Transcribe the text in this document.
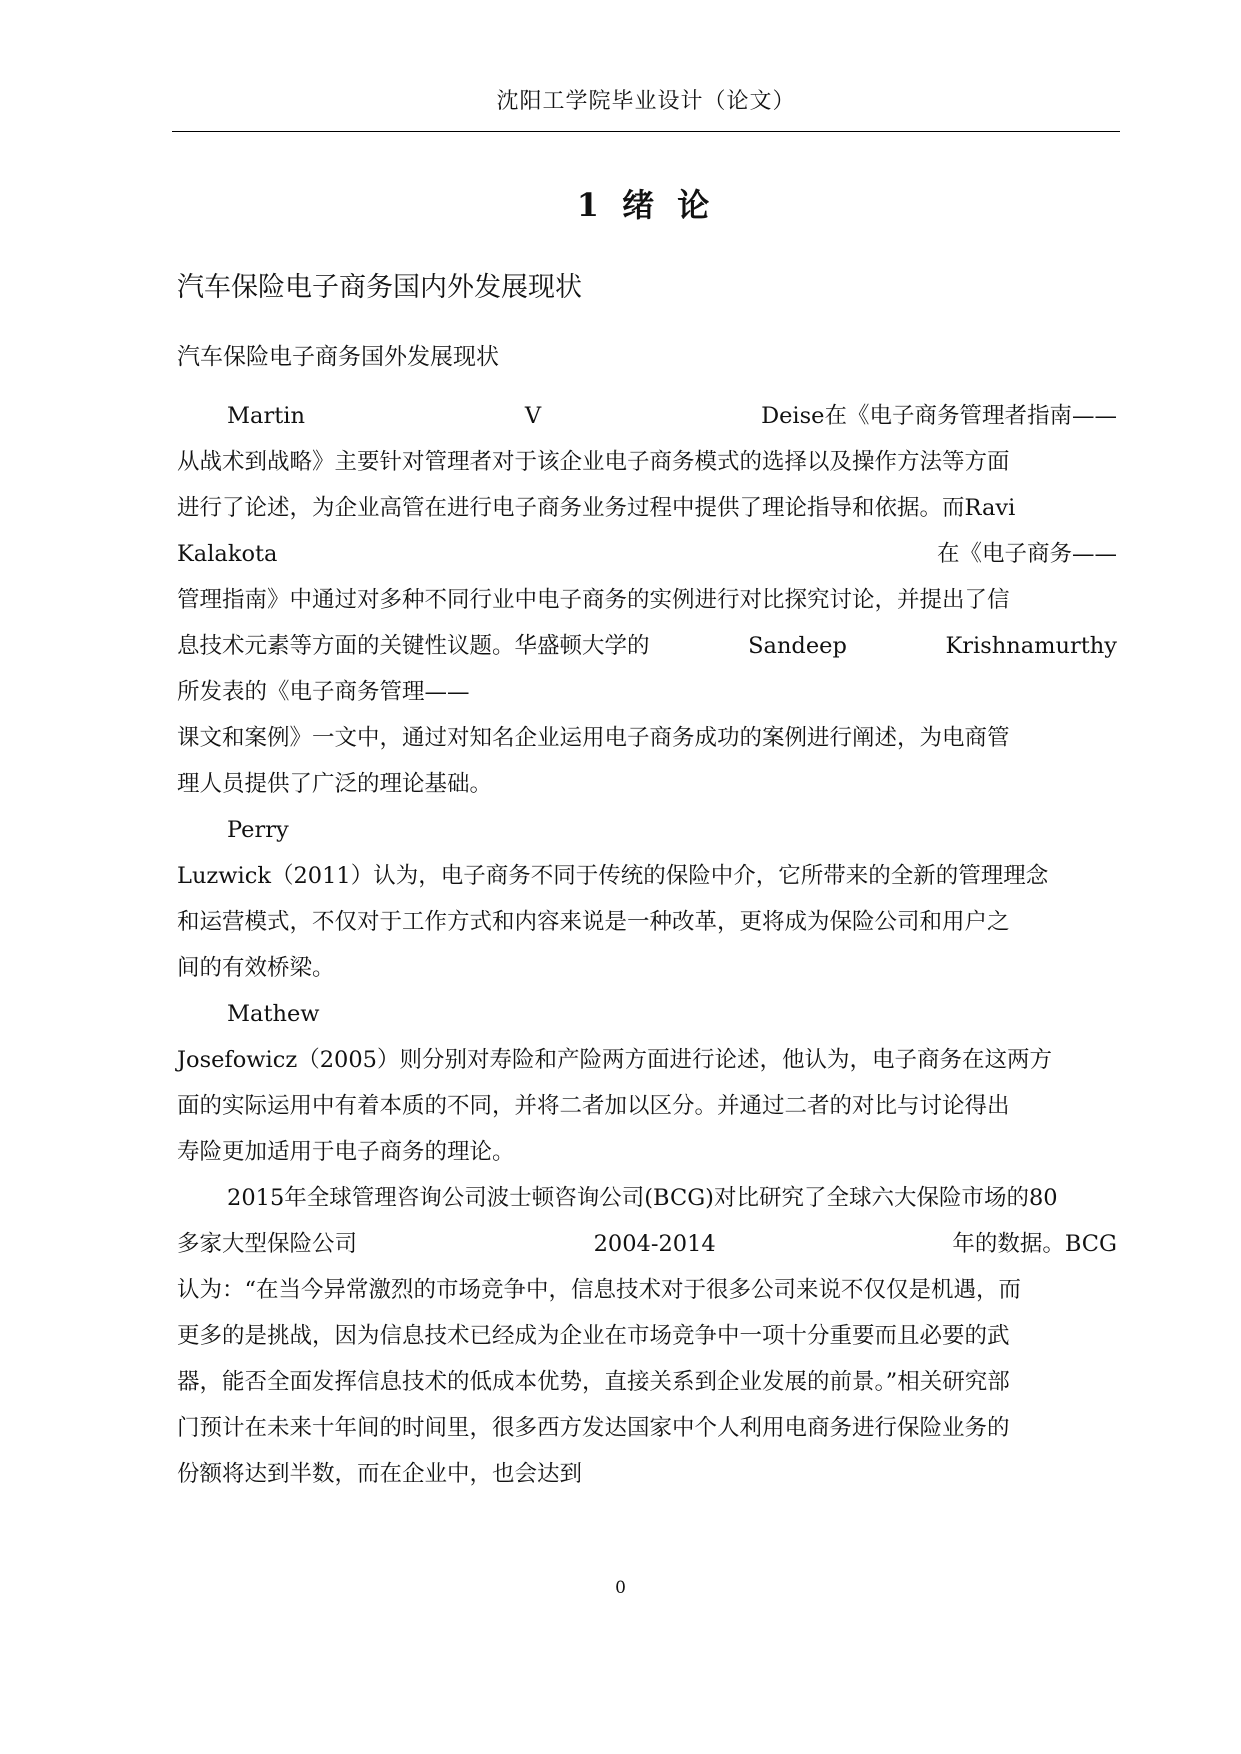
沈阳工学院毕业设计（论文）
1 绪 论
汽车保险电子商务国内外发展现状
汽车保险电子商务国外发展现状
Martin	V	Deise在《电子商务管理者指南——
从战术到战略》主要针对管理者对于该企业电子商务模式的选择以及操作方法等方面
进行了论述，为企业高管在进行电子商务业务过程中提供了理论指导和依据。而Ravi
Kalakota	在《电子商务——
管理指南》中通过对多种不同行业中电子商务的实例进行对比探究讨论，并提出了信
息技术元素等方面的关键性议题。华盛顿大学的	Sandeep	Krishnamurthy
所发表的《电子商务管理——
课文和案例》一文中，通过对知名企业运用电子商务成功的案例进行阐述，为电商管
理人员提供了广泛的理论基础。
Perry
Luzwick（2011）认为，电子商务不同于传统的保险中介，它所带来的全新的管理理念
和运营模式，不仅对于工作方式和内容来说是一种改革，更将成为保险公司和用户之
间的有效桥梁。
Mathew
Josefowicz（2005）则分别对寿险和产险两方面进行论述，他认为，电子商务在这两方
面的实际运用中有着本质的不同，并将二者加以区分。并通过二者的对比与讨论得出
寿险更加适用于电子商务的理论。
2015年全球管理咨询公司波士顿咨询公司(BCG)对比研究了全球六大保险市场的80
多家大型保险公司	2004-2014	年的数据。BCG
认为：“在当今异常激烈的市场竞争中，信息技术对于很多公司来说不仅仅是机遇，而
更多的是挑战，因为信息技术已经成为企业在市场竞争中一项十分重要而且必要的武
器，能否全面发挥信息技术的低成本优势，直接关系到企业发展的前景。”相关研究部
门预计在未来十年间的时间里，很多西方发达国家中个人利用电商务进行保险业务的
份额将达到半数，而在企业中，也会达到
0
